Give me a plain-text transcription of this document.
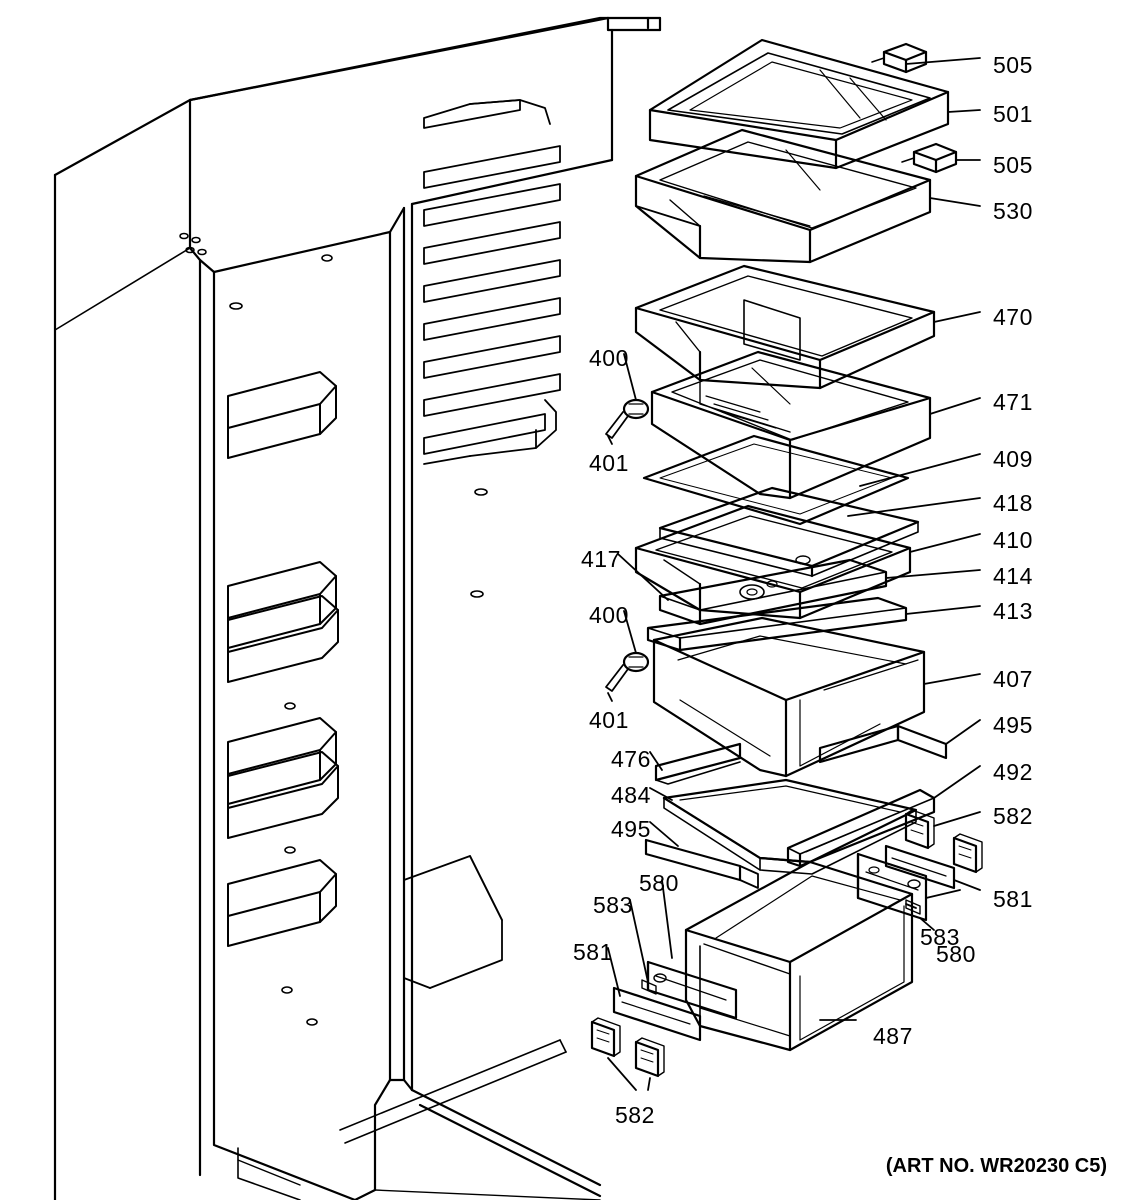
505
501
505
530
470
400
471
401	409
418
410
417
414
400	413
407
401	495
476	492
484
582
495
581
580
583
583
581	580
487
582
(ART NO. WR20230 C5)
